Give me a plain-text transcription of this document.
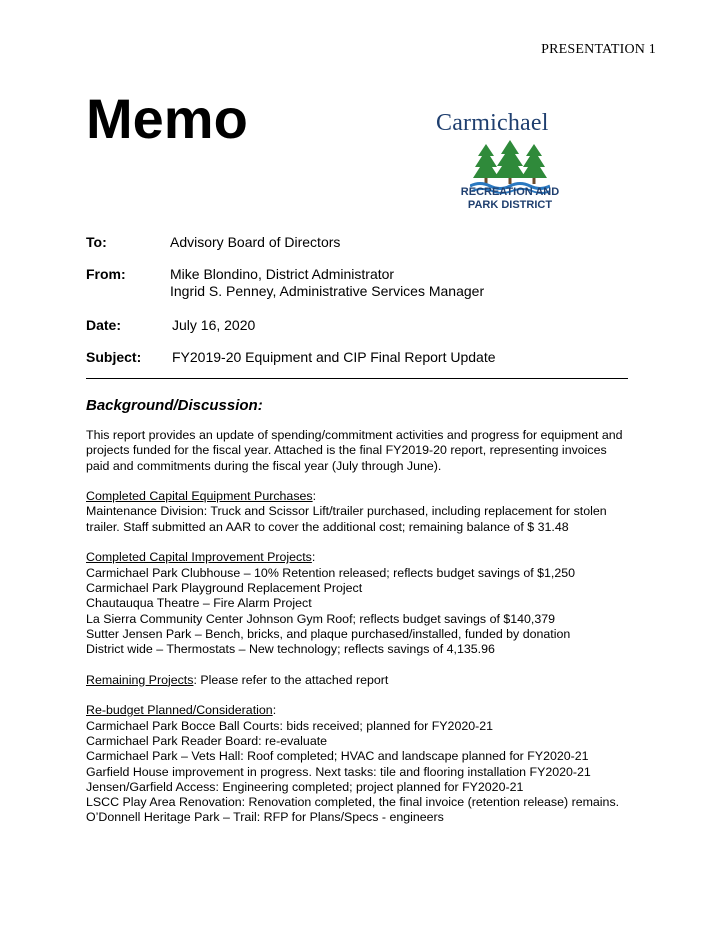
PRESENTATION 1
Memo	Carmichael
RECREATION AND
PARK DISTRICT
To:	Advisory Board of Directors
From:	Mike Blondino, District Administrator
Ingrid S. Penney, Administrative Services Manager
Date:	July 16, 2020
Subject:	FY2019-20 Equipment and CIP Final Report Update
Background/Discussion:

This report provides an update of spending/commitment activities and progress for equipment and
projects funded for the fiscal year. Attached is the final FY2019-20 report, representing invoices
paid and commitments during the fiscal year (July through June).

Completed Capital Equipment Purchases:
Maintenance Division: Truck and Scissor Lift/trailer purchased, including replacement for stolen
trailer. Staff submitted an AAR to cover the additional cost; remaining balance of $ 31.48

Completed Capital Improvement Projects:
Carmichael Park Clubhouse – 10% Retention released; reflects budget savings of $1,250
Carmichael Park Playground Replacement Project
Chautauqua Theatre – Fire Alarm Project
La Sierra Community Center Johnson Gym Roof; reflects budget savings of $140,379
Sutter Jensen Park – Bench, bricks, and plaque purchased/installed, funded by donation
District wide – Thermostats – New technology; reflects savings of 4,135.96

Remaining Projects: Please refer to the attached report

Re-budget Planned/Consideration:
Carmichael Park Bocce Ball Courts: bids received; planned for FY2020-21
Carmichael Park Reader Board: re-evaluate
Carmichael Park – Vets Hall: Roof completed; HVAC and landscape planned for FY2020-21
Garfield House improvement in progress. Next tasks: tile and flooring installation FY2020-21
Jensen/Garfield Access: Engineering completed; project planned for FY2020-21
LSCC Play Area Renovation: Renovation completed, the final invoice (retention release) remains.
O’Donnell Heritage Park – Trail: RFP for Plans/Specs - engineers
